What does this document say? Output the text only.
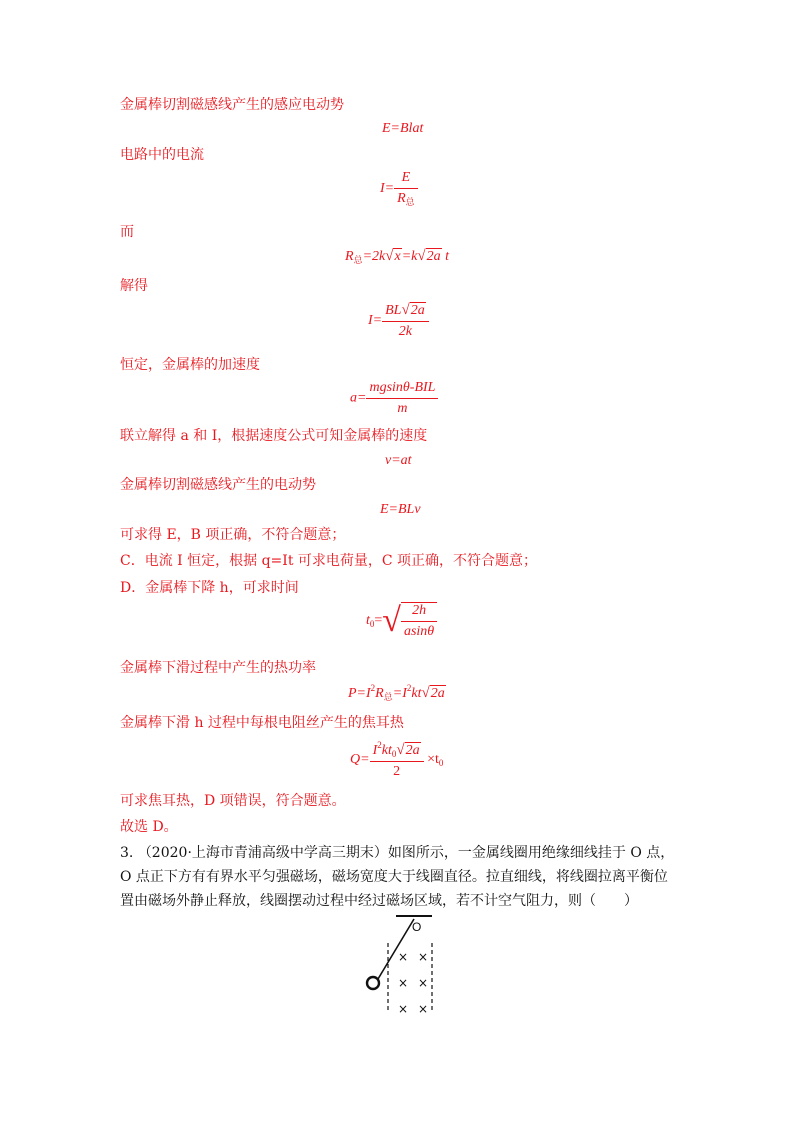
金属棒切割磁感线产生的感应电动势
E=Blat
电路中的电流
$I= \frac{E}{R_总}$
而
$R_总=2k√x=k√2a$ t
解得
$I= \frac{BL√2a}{2k}$
恒定，金属棒的加速度
$a= \frac{\text{mgsinθ-BIL}}{m}$
联立解得 a 和 I，根据速度公式可知金属棒的速度
v=at
金属棒切割磁感线产生的电动势
E=BLv
可求得 E，B 项正确，不符合题意；
C．电流 I 恒定，根据 q=It 可求电荷量，C 项正确，不符合题意；
D．金属棒下降 h，可求时间
$t_0=√ \frac{2h}{asin\theta}$
金属棒下滑过程中产生的热功率
$P=I^2R_总=I^2kt√2a$
金属棒下滑 h 过程中每根电阻丝产生的焦耳热
$Q= \frac{I^2kt_0√2a}{2} \times t_0$
可求焦耳热，D 项错误，符合题意。
故选 D。
3. （2020·上海市青浦高级中学高三期末）如图所示，一金属线圈用绝缘细线挂于 O 点，O 点正下方有有界水平匀强磁场，磁场宽度大于线圈直径。拉直细线，将线圈拉离平衡位置由磁场外静止释放，线圈摆动过程中经过磁场区域，若不计空气阻力，则（　　）
O
× ×
× ×
× ×
